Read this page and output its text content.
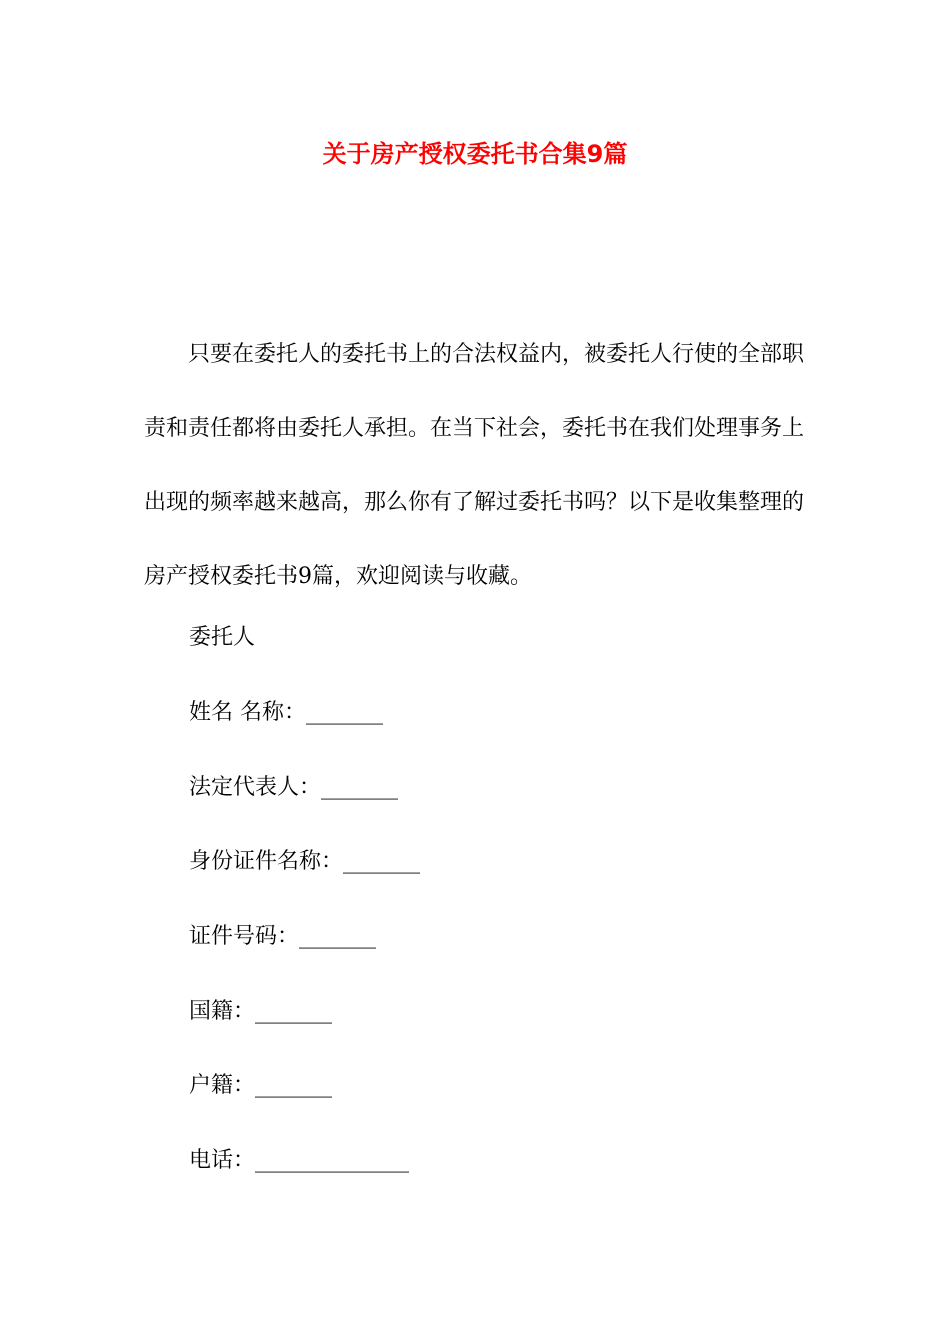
关于房产授权委托书合集9篇

只要在委托人的委托书上的合法权益内，被委托人行使的全部职责和责任都将由委托人承担。在当下社会，委托书在我们处理事务上出现的频率越来越高，那么你有了解过委托书吗？以下是收集整理的房产授权委托书9篇，欢迎阅读与收藏。

委托人
姓名 名称：_______
法定代表人：_______
身份证件名称：_______
证件号码：_______
国籍：_______
户籍：_______
电话：______________
